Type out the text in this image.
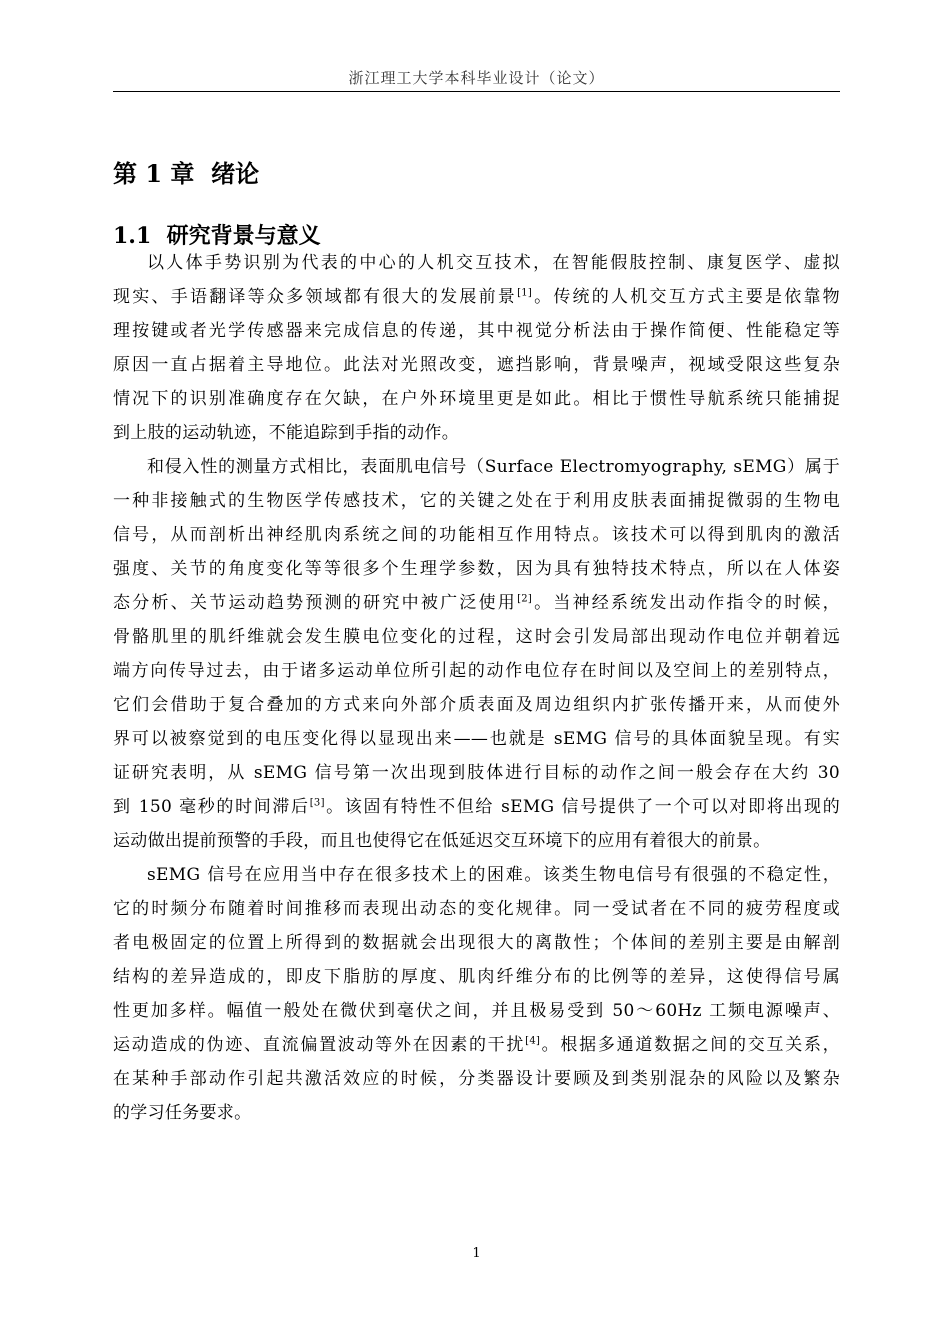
浙江理工大学本科毕业设计（论文）
第 1 章  绪论
1.1  研究背景与意义

以人体手势识别为代表的中心的人机交互技术，在智能假肢控制、康复医学、虚拟
现实、手语翻译等众多领域都有很大的发展前景[1]。传统的人机交互方式主要是依靠物
理按键或者光学传感器来完成信息的传递，其中视觉分析法由于操作简便、性能稳定等
原因一直占据着主导地位。此法对光照改变，遮挡影响，背景噪声，视域受限这些复杂
情况下的识别准确度存在欠缺，在户外环境里更是如此。相比于惯性导航系统只能捕捉
到上肢的运动轨迹，不能追踪到手指的动作。

和侵入性的测量方式相比，表面肌电信号（Surface Electromyography, sEMG）属于
一种非接触式的生物医学传感技术，它的关键之处在于利用皮肤表面捕捉微弱的生物电
信号，从而剖析出神经肌肉系统之间的功能相互作用特点。该技术可以得到肌肉的激活
强度、关节的角度变化等等很多个生理学参数，因为具有独特技术特点，所以在人体姿
态分析、关节运动趋势预测的研究中被广泛使用[2]。当神经系统发出动作指令的时候，
骨骼肌里的肌纤维就会发生膜电位变化的过程，这时会引发局部出现动作电位并朝着远
端方向传导过去，由于诸多运动单位所引起的动作电位存在时间以及空间上的差别特点，
它们会借助于复合叠加的方式来向外部介质表面及周边组织内扩张传播开来，从而使外
界可以被察觉到的电压变化得以显现出来——也就是 sEMG 信号的具体面貌呈现。有实
证研究表明，从 sEMG 信号第一次出现到肢体进行目标的动作之间一般会存在大约 30
到 150 毫秒的时间滞后[3]。该固有特性不但给 sEMG 信号提供了一个可以对即将出现的
运动做出提前预警的手段，而且也使得它在低延迟交互环境下的应用有着很大的前景。

sEMG 信号在应用当中存在很多技术上的困难。该类生物电信号有很强的不稳定性，
它的时频分布随着时间推移而表现出动态的变化规律。同一受试者在不同的疲劳程度或
者电极固定的位置上所得到的数据就会出现很大的离散性；个体间的差别主要是由解剖
结构的差异造成的，即皮下脂肪的厚度、肌肉纤维分布的比例等的差异，这使得信号属
性更加多样。幅值一般处在微伏到毫伏之间，并且极易受到 50～60Hz 工频电源噪声、
运动造成的伪迹、直流偏置波动等外在因素的干扰[4]。根据多通道数据之间的交互关系，
在某种手部动作引起共激活效应的时候，分类器设计要顾及到类别混杂的风险以及繁杂
的学习任务要求。

1
